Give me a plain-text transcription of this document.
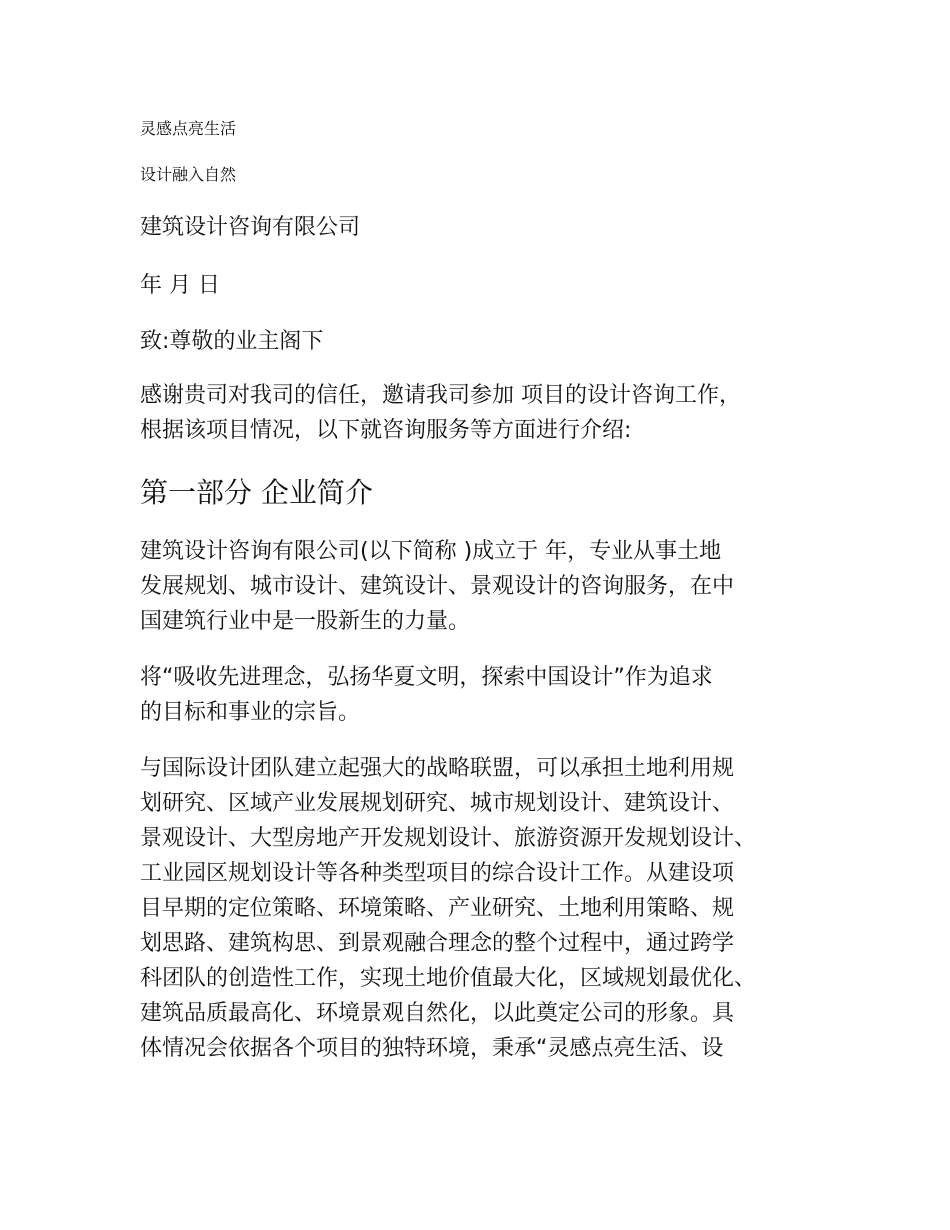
灵感点亮生活
设计融入自然
建筑设计咨询有限公司
年 月 日
致:尊敬的业主阁下
感谢贵司对我司的信任，邀请我司参加 项目的设计咨询工作，
根据该项目情况，以下就咨询服务等方面进行介绍:
第一部分 企业简介
建筑设计咨询有限公司(以下简称 )成立于 年，专业从事土地
发展规划、城市设计、建筑设计、景观设计的咨询服务，在中
国建筑行业中是一股新生的力量。
将“吸收先进理念，弘扬华夏文明，探索中国设计”作为追求
的目标和事业的宗旨。
与国际设计团队建立起强大的战略联盟，可以承担土地利用规
划研究、区域产业发展规划研究、城市规划设计、建筑设计、
景观设计、大型房地产开发规划设计、旅游资源开发规划设计、
工业园区规划设计等各种类型项目的综合设计工作。从建设项
目早期的定位策略、环境策略、产业研究、土地利用策略、规
划思路、建筑构思、到景观融合理念的整个过程中，通过跨学
科团队的创造性工作，实现土地价值最大化，区域规划最优化、
建筑品质最高化、环境景观自然化，以此奠定公司的形象。具
体情况会依据各个项目的独特环境，秉承“灵感点亮生活、设
